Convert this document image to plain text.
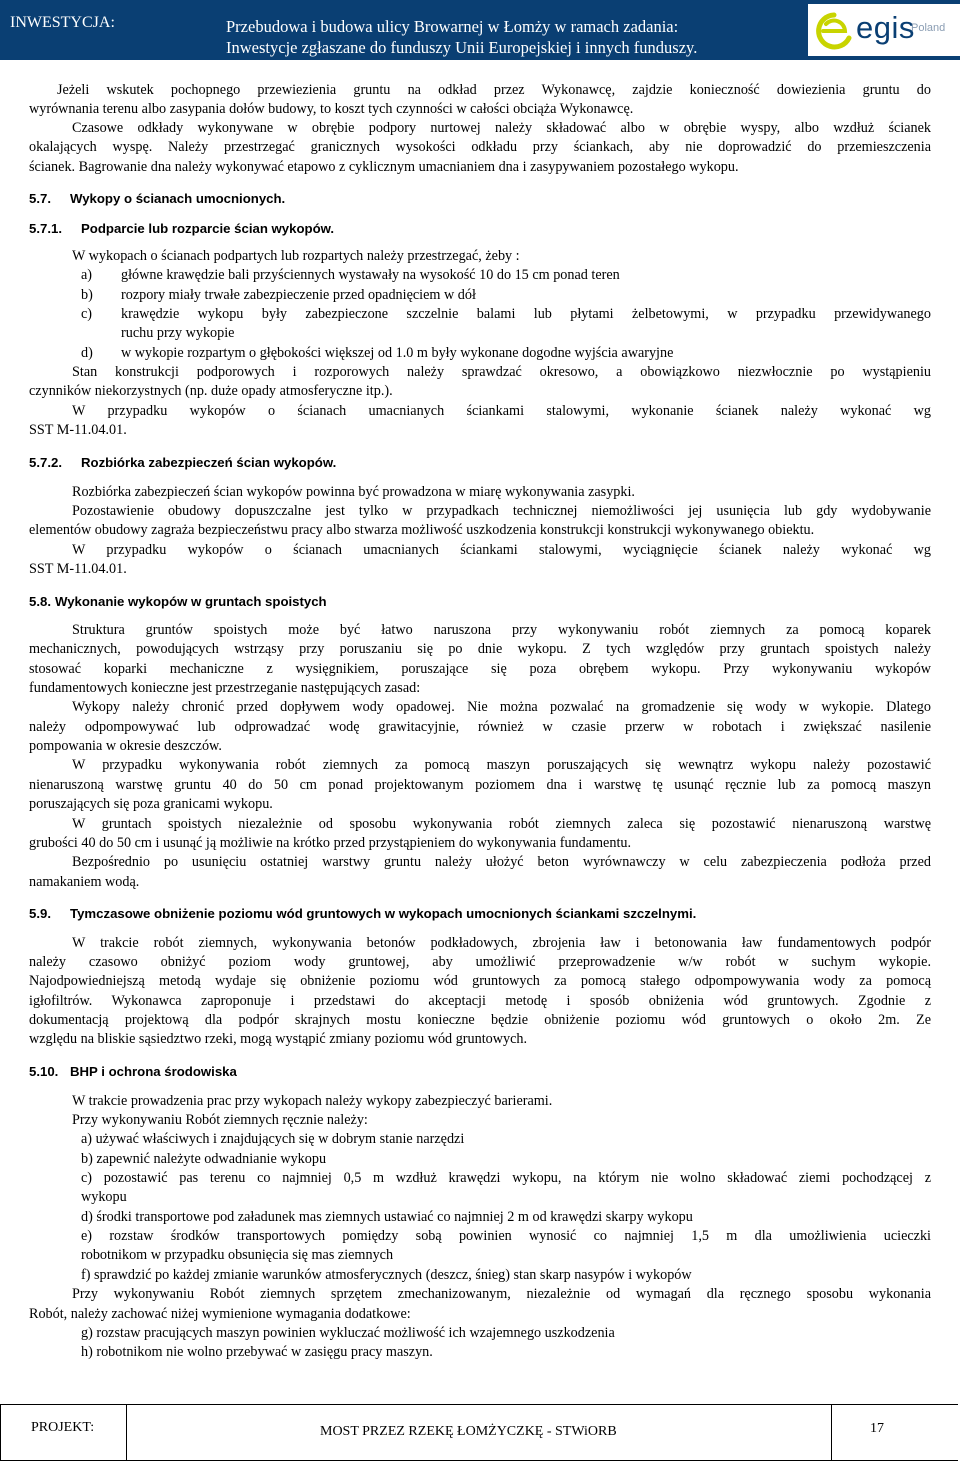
INWESTYCJA:	Przebudowa i budowa ulicy Browarnej w Łomży w ramach zadania:
Inwestycje zgłaszane do funduszy Unii Europejskiej i innych funduszy.
egis
Poland
Jeżeli wskutek pochopnego przewiezienia gruntu na odkład przez Wykonawcę, zajdzie konieczność dowiezienia gruntu do
wyrównania terenu albo zasypania dołów budowy, to koszt tych czynności w całości obciąża Wykonawcę.
Czasowe odkłady wykonywane w obrębie podpory nurtowej należy składować albo w obrębie wyspy, albo wzdłuż ścianek
okalających wyspę. Należy przestrzegać granicznych wysokości odkładu przy ściankach, aby nie doprowadzić do przemieszczenia
ścianek. Bagrowanie dna należy wykonywać etapowo z cyklicznym umacnianiem dna i zasypywaniem pozostałego wykopu.
5.7. Wykopy o ścianach umocnionych.
5.7.1. Podparcie lub rozparcie ścian wykopów.
W wykopach o ścianach podpartych lub rozpartych należy przestrzegać, żeby :
a)	główne krawędzie bali przyściennych wystawały na wysokość 10 do 15 cm ponad teren
b)	rozpory miały trwałe zabezpieczenie przed opadnięciem w dół
c)	krawędzie wykopu były zabezpieczone szczelnie balami lub płytami żelbetowymi, w przypadku przewidywanego
ruchu przy wykopie
d)	w wykopie rozpartym o głębokości większej od 1.0 m były wykonane dogodne wyjścia awaryjne
Stan konstrukcji podporowych i rozporowych należy sprawdzać okresowo, a obowiązkowo niezwłocznie po wystąpieniu
czynników niekorzystnych (np. duże opady atmosferyczne itp.).
W przypadku wykopów o ścianach umacnianych ściankami stalowymi, wykonanie ścianek należy wykonać wg
SST M-11.04.01.
5.7.2. Rozbiórka zabezpieczeń ścian wykopów.
Rozbiórka zabezpieczeń ścian wykopów powinna być prowadzona w miarę wykonywania zasypki.
Pozostawienie obudowy dopuszczalne jest tylko w przypadkach technicznej niemożliwości jej usunięcia lub gdy wydobywanie
elementów obudowy zagraża bezpieczeństwu pracy albo stwarza możliwość uszkodzenia konstrukcji konstrukcji wykonywanego obiektu.
W przypadku wykopów o ścianach umacnianych ściankami stalowymi, wyciągnięcie ścianek należy wykonać wg
SST M-11.04.01.
5.8. Wykonanie wykopów w gruntach spoistych
Struktura gruntów spoistych może być łatwo naruszona przy wykonywaniu robót ziemnych za pomocą koparek
mechanicznych, powodujących wstrząsy przy poruszaniu się po dnie wykopu. Z tych względów przy gruntach spoistych należy
stosować koparki mechaniczne z wysięgnikiem, poruszające się poza obrębem wykopu. Przy wykonywaniu wykopów
fundamentowych konieczne jest przestrzeganie następujących zasad:
Wykopy należy chronić przed dopływem wody opadowej. Nie można pozwalać na gromadzenie się wody w wykopie. Dlatego
należy odpompowywać lub odprowadzać wodę grawitacyjnie, również w czasie przerw w robotach i zwiększać nasilenie
pompowania w okresie deszczów.
W przypadku wykonywania robót ziemnych za pomocą maszyn poruszających się wewnątrz wykopu należy pozostawić
nienaruszoną warstwę gruntu 40 do 50 cm ponad projektowanym poziomem dna i warstwę tę usunąć ręcznie lub za pomocą maszyn
poruszających się poza granicami wykopu.
W gruntach spoistych niezależnie od sposobu wykonywania robót ziemnych zaleca się pozostawić nienaruszoną warstwę
grubości 40 do 50 cm i usunąć ją możliwie na krótko przed przystąpieniem do wykonywania fundamentu.
Bezpośrednio po usunięciu ostatniej warstwy gruntu należy ułożyć beton wyrównawczy w celu zabezpieczenia podłoża przed
namakaniem wodą.
5.9. Tymczasowe obniżenie poziomu wód gruntowych w wykopach umocnionych ściankami szczelnymi.
W trakcie robót ziemnych, wykonywania betonów podkładowych, zbrojenia ław i betonowania ław fundamentowych podpór
należy czasowo obniżyć poziom wody gruntowej, aby umożliwić przeprowadzenie w/w robót w suchym wykopie.
Najodpowiedniejszą metodą wydaje się obniżenie poziomu wód gruntowych za pomocą stałego odpompowywania wody za pomocą
igłofiltrów. Wykonawca zaproponuje i przedstawi do akceptacji metodę i sposób obniżenia wód gruntowych. Zgodnie z
dokumentacją projektową dla podpór skrajnych mostu konieczne będzie obniżenie poziomu wód gruntowych o około 2m. Ze
względu na bliskie sąsiedztwo rzeki, mogą wystąpić zmiany poziomu wód gruntowych.
5.10. BHP i ochrona środowiska
W trakcie prowadzenia prac przy wykopach należy wykopy zabezpieczyć barierami.
Przy wykonywaniu Robót ziemnych ręcznie należy:
a) używać właściwych i znajdujących się w dobrym stanie narzędzi
b) zapewnić należyte odwadnianie wykopu
c) pozostawić pas terenu co najmniej 0,5 m wzdłuż krawędzi wykopu, na którym nie wolno składować ziemi pochodzącej z
wykopu
d) środki transportowe pod załadunek mas ziemnych ustawiać co najmniej 2 m od krawędzi skarpy wykopu
e) rozstaw środków transportowych pomiędzy sobą powinien wynosić co najmniej 1,5 m dla umożliwienia ucieczki
robotnikom w przypadku obsunięcia się mas ziemnych
f) sprawdzić po każdej zmianie warunków atmosferycznych (deszcz, śnieg) stan skarp nasypów i wykopów
Przy wykonywaniu Robót ziemnych sprzętem zmechanizowanym, niezależnie od wymagań dla ręcznego sposobu wykonania
Robót, należy zachować niżej wymienione wymagania dodatkowe:
g) rozstaw pracujących maszyn powinien wykluczać możliwość ich wzajemnego uszkodzenia
h) robotnikom nie wolno przebywać w zasięgu pracy maszyn.
PROJEKT:	MOST PRZEZ RZEKĘ ŁOMŻYCZKĘ - STWiORB	17
